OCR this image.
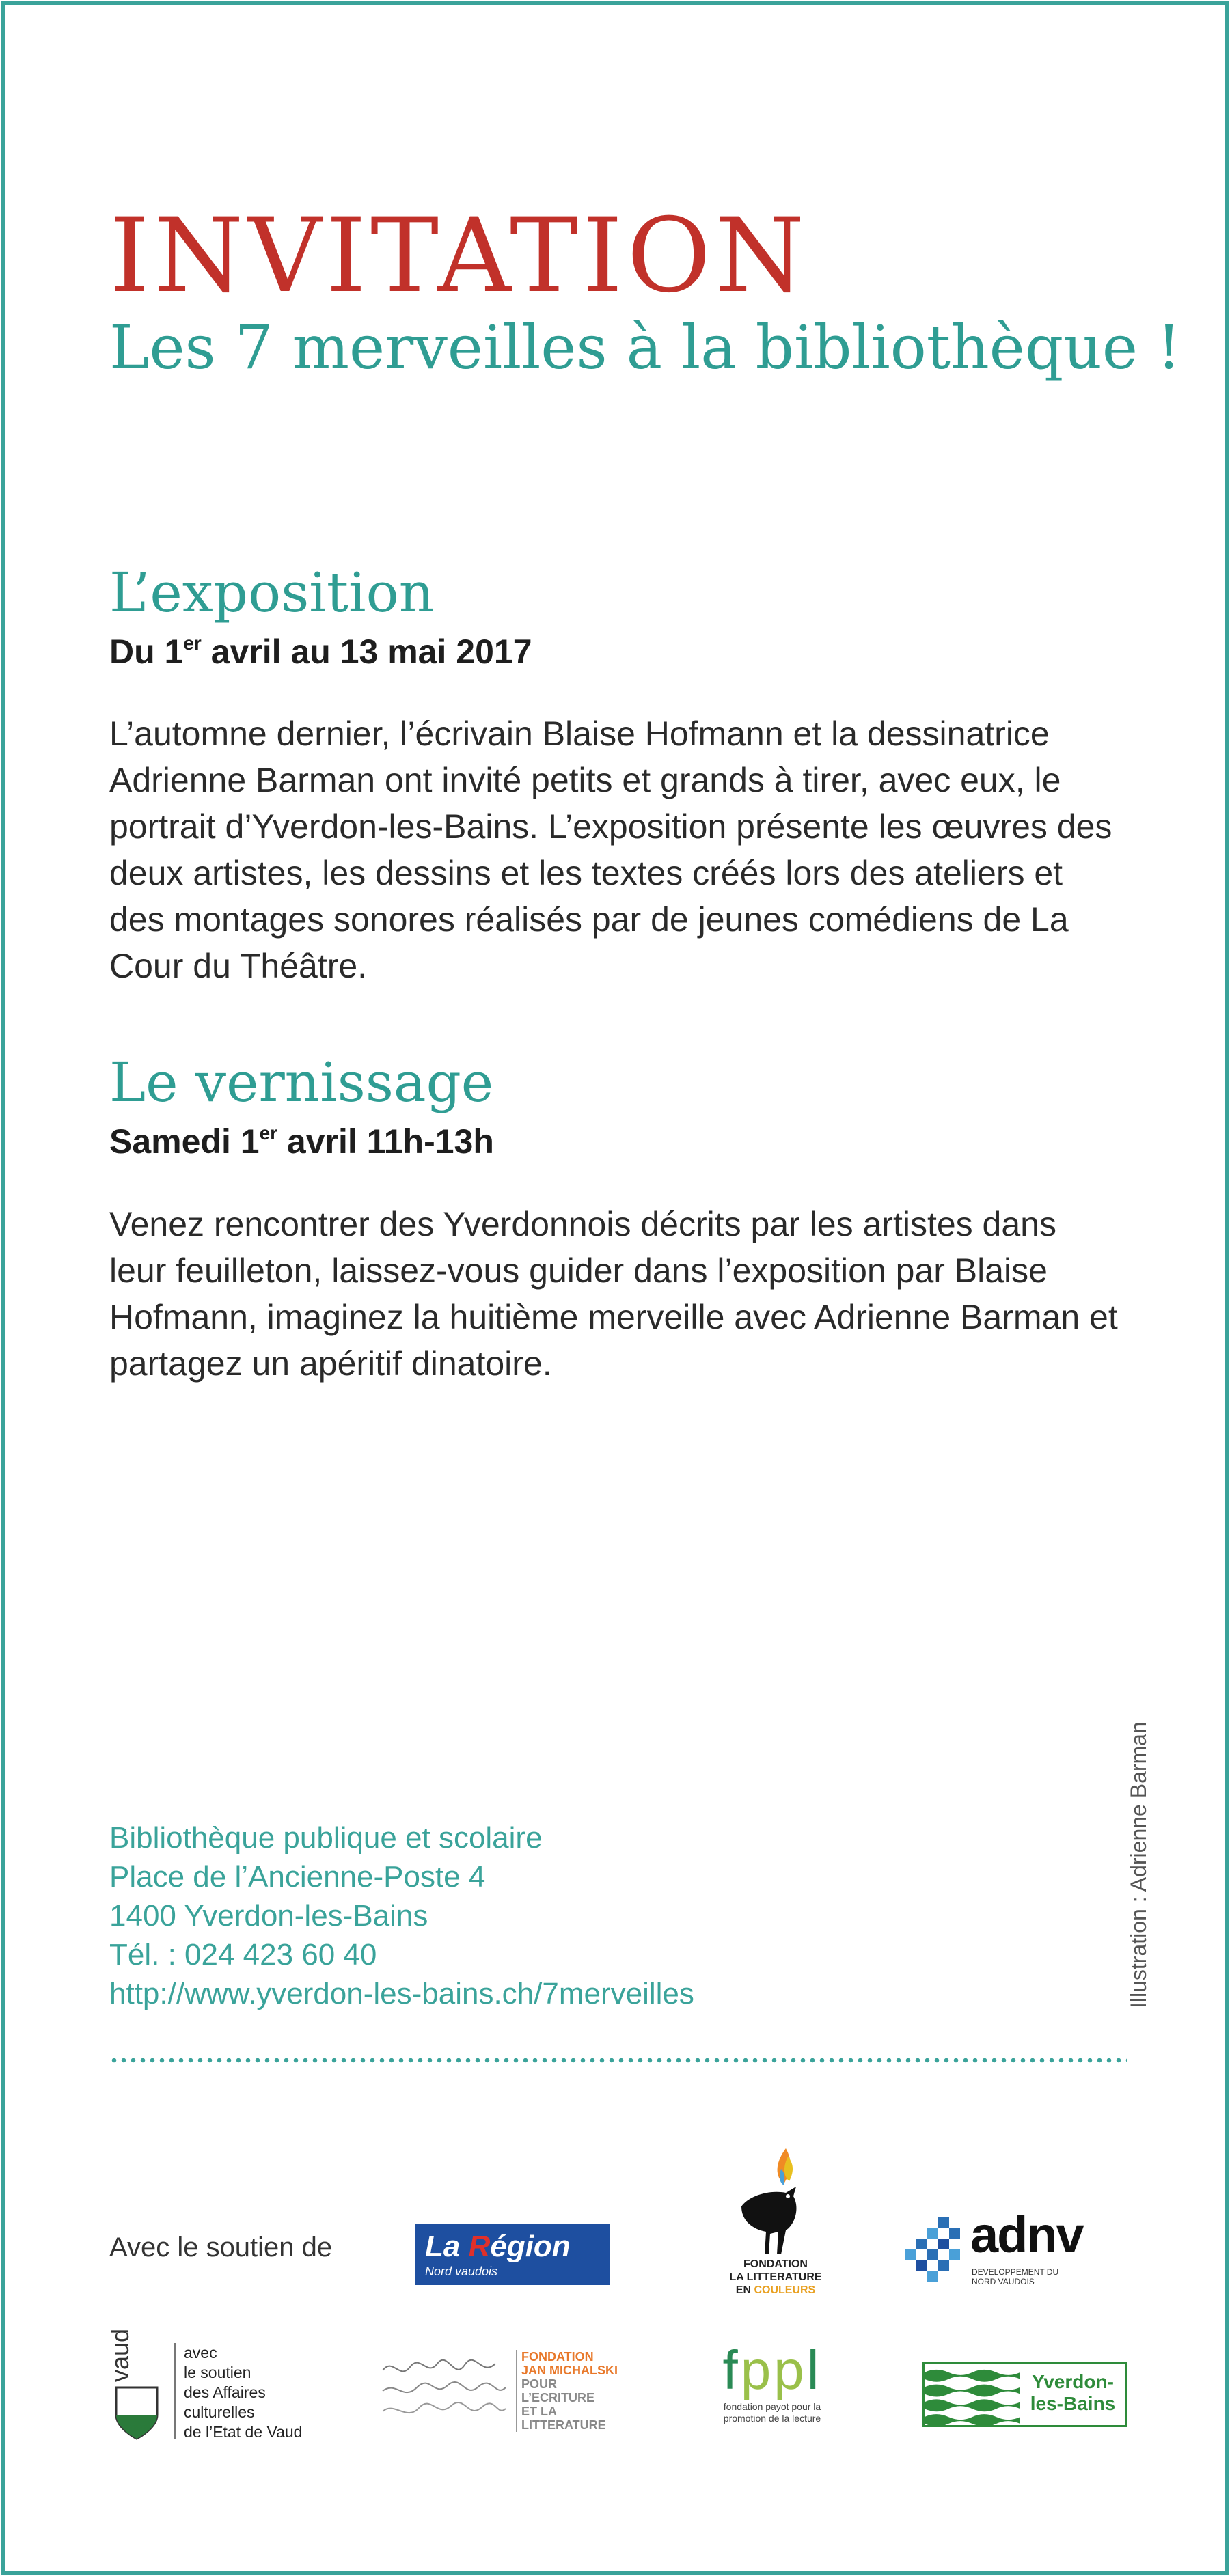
INVITATION
Les 7 merveilles à la bibliothèque !
L’exposition
Du 1er avril au 13 mai 2017

L’automne dernier, l’écrivain Blaise Hofmann et la dessinatrice Adrienne Barman ont invité petits et grands à tirer, avec eux, le portrait d’Yverdon-les-Bains. L’exposition présente les œuvres des deux artistes, les dessins et les textes créés lors des ateliers et des montages sonores réalisés par de jeunes comédiens de La Cour du Théâtre.

Le vernissage
Samedi 1er avril 11h-13h

Venez rencontrer des Yverdonnois décrits par les artistes dans leur feuilleton, laissez-vous guider dans l’exposition par Blaise Hofmann, imaginez la huitième merveille avec Adrienne Barman et partagez un apéritif dinatoire.

Bibliothèque publique et scolaire
Place de l’Ancienne-Poste 4
1400 Yverdon-les-Bains
Tél. : 024 423 60 40
http://www.yverdon-les-bains.ch/7merveilles	Illustration : Adrienne Barman
Avec le soutien de	La Région
Nord vaudois
FONDATION
LA LITTERATURE
EN COULEURS
adnv
DEVELOPPEMENT DU NORD VAUDOIS
vaud	avec
le soutien
des Affaires
culturelles
de l’Etat de Vaud
FONDATION
JAN MICHALSKI
POUR
L’ECRITURE
ET LA
LITTERATURE
fppl
fondation payot pour la promotion de la lecture
Yverdon-
les-Bains
